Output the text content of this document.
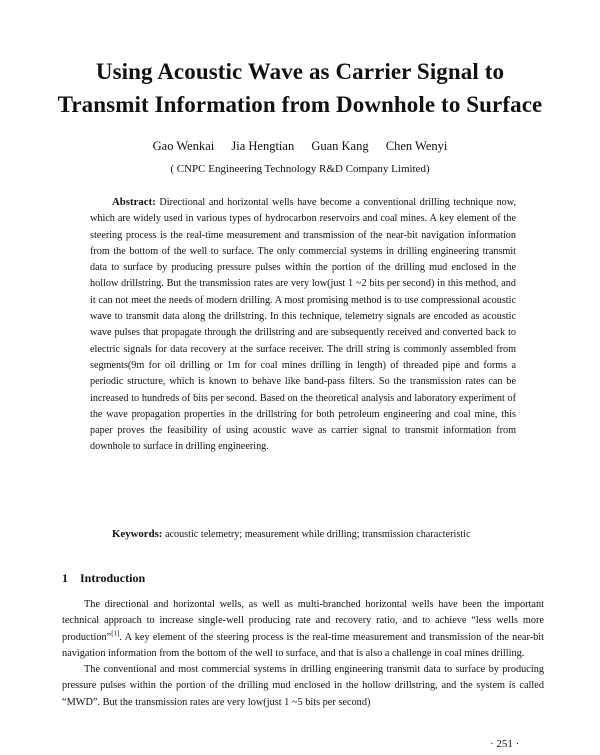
Using Acoustic Wave as Carrier Signal to
Transmit Information from Downhole to Surface
Gao Wenkai Jia Hengtian Guan Kang Chen Wenyi
( CNPC Engineering Technology R&D Company Limited)

Abstract: Directional and horizontal wells have become a conventional drilling technique now, which are widely used in various types of hydrocarbon reservoirs and coal mines. A key element of the steering process is the real-time measurement and transmission of the near-bit navigation information from the bottom of the well to surface. The only commercial systems in drilling engineering transmit data to surface by producing pressure pulses within the portion of the drilling mud enclosed in the hollow drillstring. But the transmission rates are very low(just 1 ~2 bits per second) in this method, and it can not meet the needs of modern drilling. A most promising method is to use compressional acoustic wave to transmit data along the drillstring. In this technique, telemetry signals are encoded as acoustic wave pulses that propagate through the drillstring and are subsequently received and converted back to electric signals for data recovery at the surface receiver. The drill string is commonly assembled from segments(9m for oil drilling or 1m for coal mines drilling in length) of threaded pipe and forms a periodic structure, which is known to behave like band-pass filters. So the transmission rates can be increased to hundreds of bits per second. Based on the theoretical analysis and laboratory experiment of the wave propagation properties in the drillstring for both petroleum engineering and coal mine, this paper proves the feasibility of using acoustic wave as carrier signal to transmit information from downhole to surface in drilling engineering.

Keywords: acoustic telemetry; measurement while drilling; transmission characteristic

1 Introduction

The directional and horizontal wells, as well as multi-branched horizontal wells have been the important technical approach to increase single-well producing rate and recovery ratio, and to achieve “less wells more production”[1]. A key element of the steering process is the real-time measurement and transmission of the near-bit navigation information from the bottom of the well to surface, and that is also a challenge in coal mines drilling.

The conventional and most commercial systems in drilling engineering transmit data to surface by producing pressure pulses within the portion of the drilling mud enclosed in the hollow drillstring, and the system is called “MWD”. But the transmission rates are very low(just 1 ~5 bits per second)

· 251 ·
